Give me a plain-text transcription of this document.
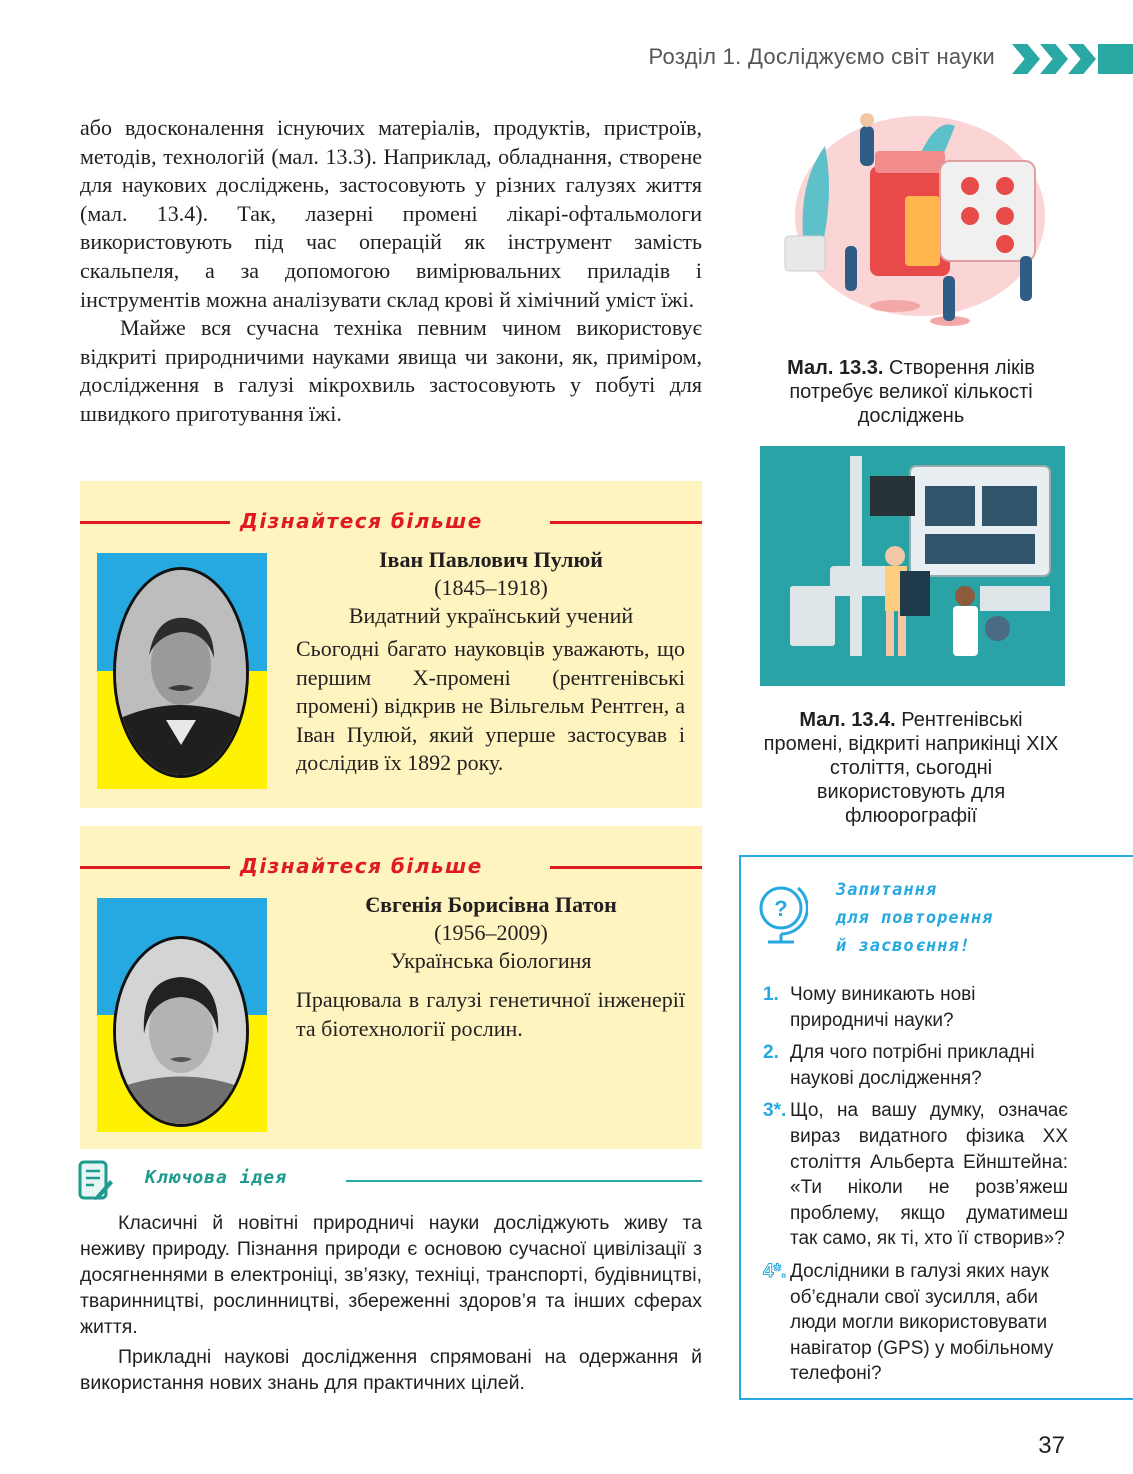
Розділ 1. Досліджуємо світ науки

або вдосконалення існуючих матеріалів, продуктів, пристроїв, методів, технологій (мал. 13.3). Наприклад, обладнання, створене для наукових досліджень, застосовують у різних галузях життя (мал. 13.4). Так, лазерні промені лікарі-офтальмологи використовують під час операцій як інструмент замість скальпеля, а за допомогою вимірювальних приладів і інструментів можна аналізувати склад крові й хімічний уміст їжі.

Майже вся сучасна техніка певним чином використовує відкриті природничими науками явища чи закони, як, приміром, дослідження в галузі мікрохвиль застосовують у побуті для швидкого приготування їжі.

Дізнайтеся більше
Іван Павлович Пулюй
(1845–1918)
Видатний український учений
Сьогодні багато науковців уважають, що першим Х-промені (рентгенівські промені) відкрив не Вільгельм Рентген, а Іван Пулюй, який уперше застосував і дослідив їх 1892 року.
Дізнайтеся більше
Євгенія Борисівна Патон
(1956–2009)
Українська біологиня
Працювала в галузі генетичної інженерії та біотехнології рослин.
Ключова ідея

Класичні й новітні природничі науки досліджують живу та неживу природу. Пізнання природи є основою сучасної цивілізації з досягненнями в електроніці, зв’язку, техніці, транспорті, будівництві, тваринництві, рослинництві, збереженні здоров’я та інших сферах життя.

Прикладні наукові дослідження спрямовані на одержання й використання нових знань для практичних цілей.

Мал. 13.3. Створення ліків потребує великої кількості досліджень
Мал. 13.4. Рентгенівські промені, відкриті наприкінці XIX століття, сьогодні використовують для флюорографії
?
Запитання
для повторення
й засвоєння!
1. Чому виникають нові природничі науки?
2. Для чого потрібні прикладні наукові дослідження?
3*. Що, на вашу думку, означає вираз видатного фізика ХХ століття Альберта Ейнштейна: «Ти ніколи не розв’яжеш проблему, якщо думатимеш так само, як ті, хто її створив»?
4*. Дослідники в галузі яких наук об’єднали свої зусилля, аби люди могли використовувати навігатор (GPS) у мобільному телефоні?
37
